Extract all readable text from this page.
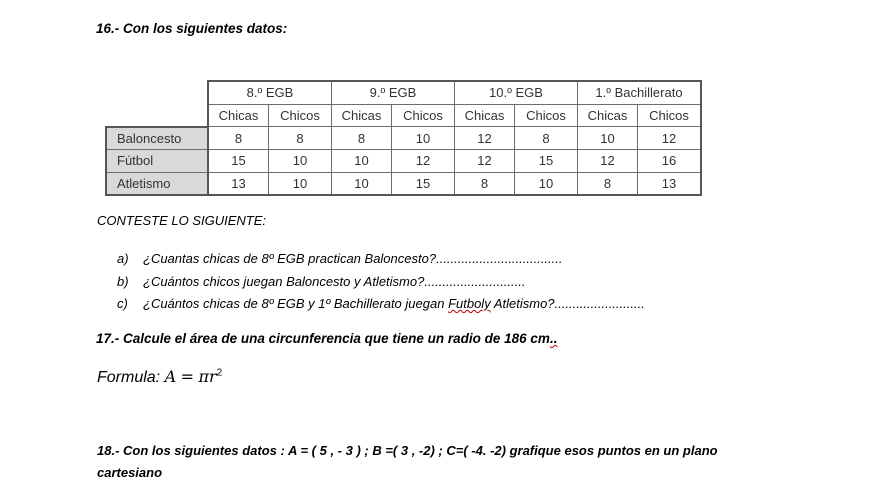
16.- Con los siguientes datos:
	8.º EGB		9.º EGB		10.º EGB		1.º Bachillerato	
	Chicas	Chicos	Chicas	Chicos	Chicas	Chicos	Chicas	Chicos
Baloncesto	8	8	8	10	12	8	10	12
Fútbol	15	10	10	12	12	15	12	16
Atletismo	13	10	10	15	8	10	8	13
CONTESTE LO SIGUIENTE:
a) ¿Cuantas chicas de 8º EGB practican Baloncesto?...................................
b) ¿Cuántos chicos juegan Baloncesto y Atletismo?............................
c) ¿Cuántos chicas de 8º EGB y 1º Bachillerato juegan Futboly Atletismo?.........................
17.- Calcule el área de una circunferencia que tiene un radio de 186 cm..
Formula: $A = \pi r^2$
18.- Con los siguientes datos : A = ( 5 , - 3 ) ; B =( 3 , -2) ; C=( -4. -2) grafique esos puntos en un plano
cartesiano
